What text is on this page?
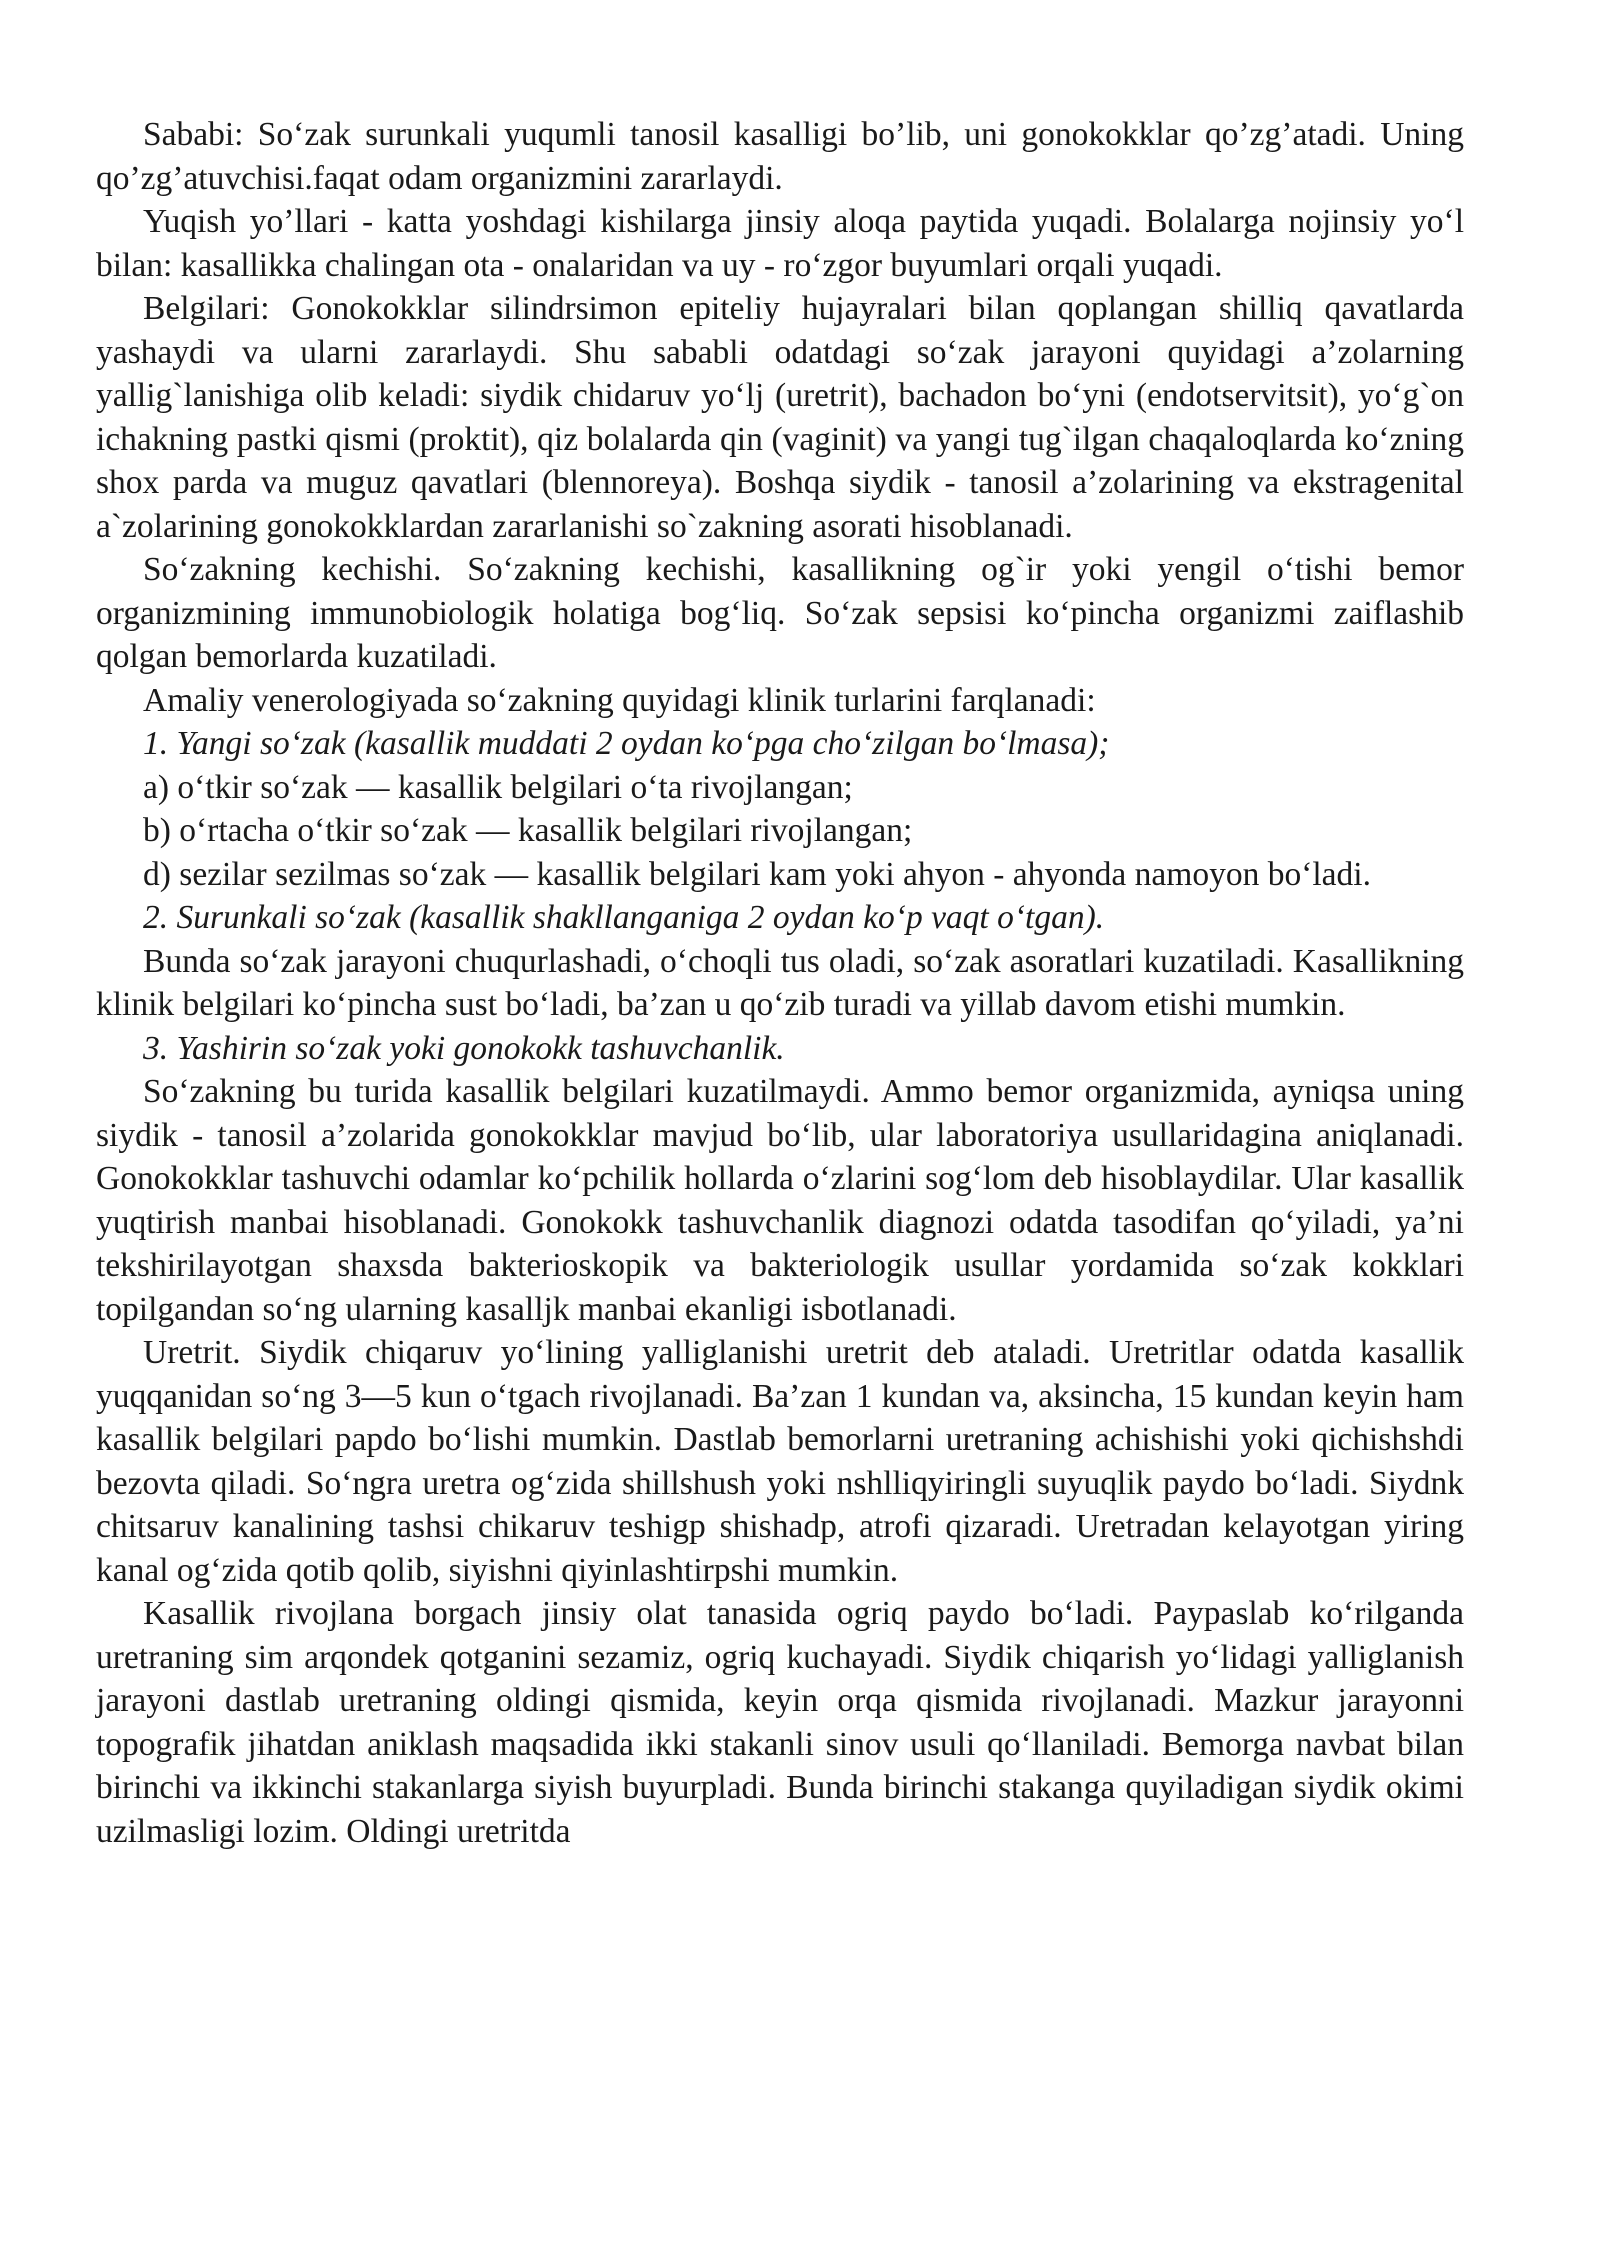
Sababi: So‘zak surunkali yuqumli tanosil kasalligi bo’lib, uni gonokokklar qo’zg’atadi. Uning qo’zg’atuvchisi.faqat odam organizmini zararlaydi.

Yuqish yo’llari - katta yoshdagi kishilarga jinsiy aloqa paytida yuqadi. Bolalarga nojinsiy yo‘l bilan: kasallikka chalingan ota - onalaridan va uy - ro‘zgor buyumlari orqali yuqadi.

Belgilari: Gonokokklar silindrsimon epiteliy hujayralari bilan qoplangan shilliq qavatlarda yashaydi va ularni zararlaydi. Shu sababli odatdagi so‘zak jarayoni quyidagi a’zolarning yallig`lanishiga olib keladi: siydik chidaruv yo‘lj (uretrit), bachadon bo‘yni (endotservitsit), yo‘g`on ichakning pastki qismi (proktit), qiz bolalarda qin (vaginit) va yangi tug`ilgan chaqaloqlarda ko‘zning shox parda va muguz qavatlari (blennoreya). Boshqa siydik - tanosil a’zolarining va ekstragenital a`zolarining gonokokklardan zararlanishi so`zakning asorati hisoblanadi.

So‘zakning kechishi. So‘zakning kechishi, kasallikning og`ir yoki yengil o‘tishi bemor organizmining immunobiologik holatiga bog‘liq. So‘zak sepsisi ko‘pincha organizmi zaiflashib qolgan bemorlarda kuzatiladi.

Amaliy venerologiyada so‘zakning quyidagi klinik turlarini farqlanadi:

1. Yangi so‘zak (kasallik muddati 2 oydan ko‘pga cho‘zilgan bo‘lmasa);

a) o‘tkir so‘zak — kasallik belgilari o‘ta rivojlangan;

b) o‘rtacha o‘tkir so‘zak — kasallik belgilari rivojlangan;

d) sezilar sezilmas so‘zak — kasallik belgilari kam yoki ahyon - ahyonda namoyon bo‘ladi.

2. Surunkali so‘zak (kasallik shakllanganiga 2 oydan ko‘p vaqt o‘tgan).

Bunda so‘zak jarayoni chuqurlashadi, o‘choqli tus oladi, so‘zak asoratlari kuzatiladi. Kasallikning klinik belgilari ko‘pincha sust bo‘ladi, ba’zan u qo‘zib turadi va yillab davom etishi mumkin.

3. Yashirin so‘zak yoki gonokokk tashuvchanlik.

So‘zakning bu turida kasallik belgilari kuzatilmaydi. Ammo bemor organizmida, ayniqsa uning siydik - tanosil a’zolarida gonokokklar mavjud bo‘lib, ular laboratoriya usullaridagina aniqlanadi. Gonokokklar tashuvchi odamlar ko‘pchilik hollarda o‘zlarini sog‘lom deb hisoblaydilar. Ular kasallik yuqtirish manbai hisoblanadi. Gonokokk tashuvchanlik diagnozi odatda tasodifan qo‘yiladi, ya’ni tekshirilayotgan shaxsda bakterioskopik va bakteriologik usullar yordamida so‘zak kokklari topilgandan so‘ng ularning kasalljk manbai ekanligi isbotlanadi.

Uretrit. Siydik chiqaruv yo‘lining yalliglanishi uretrit deb ataladi. Uretritlar odatda kasallik yuqqanidan so‘ng 3—5 kun o‘tgach rivojlanadi. Ba’zan 1 kundan va, aksincha, 15 kundan keyin ham kasallik belgilari papdo bo‘lishi mumkin. Dastlab bemorlarni uretraning achishishi yoki qichishshdi bezovta qiladi. So‘ngra uretra og‘zida shillshush yoki nshlliqyiringli suyuqlik paydo bo‘ladi. Siydnk chitsaruv kanalining tashsi chikaruv teshigp shishadp, atrofi qizaradi. Uretradan kelayotgan yiring kanal og‘zida qotib qolib, siyishni qiyinlashtirpshi mumkin.

Kasallik rivojlana borgach jinsiy olat tanasida ogriq paydo bo‘ladi. Paypaslab ko‘rilganda uretraning sim arqondek qotganini sezamiz, ogriq kuchayadi. Siydik chiqarish yo‘lidagi yalliglanish jarayoni dastlab uretraning oldingi qismida, keyin orqa qismida rivojlanadi. Mazkur jarayonni topografik jihatdan aniklash maqsadida ikki stakanli sinov usuli qo‘llaniladi. Bemorga navbat bilan birinchi va ikkinchi stakanlarga siyish buyurpladi. Bunda birinchi stakanga quyiladigan siydik okimi uzilmasligi lozim. Oldingi uretritda
